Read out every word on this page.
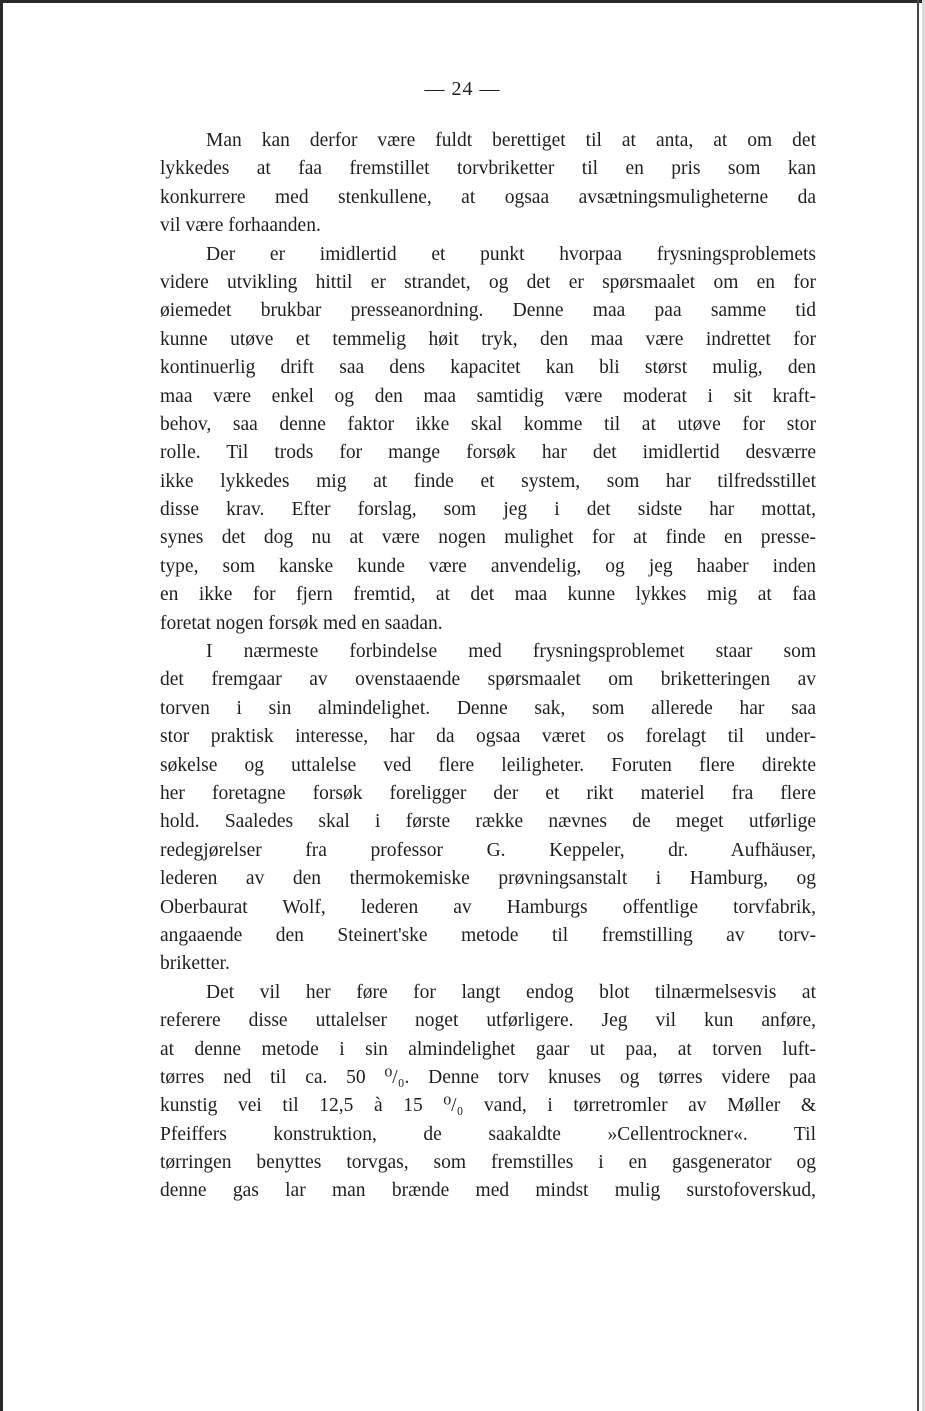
— 24 —
Man kan derfor være fuldt berettiget til at anta, at om det
lykkedes at faa fremstillet torvbriketter til en pris som kan
konkurrere med stenkullene, at ogsaa avsætningsmuligheterne da
vil være forhaanden.
Der er imidlertid et punkt hvorpaa frysningsproblemets
videre utvikling hittil er strandet, og det er spørsmaalet om en for
øiemedet brukbar presseanordning. Denne maa paa samme tid
kunne utøve et temmelig høit tryk, den maa være indrettet for
kontinuerlig drift saa dens kapacitet kan bli størst mulig, den
maa være enkel og den maa samtidig være moderat i sit kraft-
behov, saa denne faktor ikke skal komme til at utøve for stor
rolle. Til trods for mange forsøk har det imidlertid desværre
ikke lykkedes mig at finde et system, som har tilfredsstillet
disse krav. Efter forslag, som jeg i det sidste har mottat,
synes det dog nu at være nogen mulighet for at finde en presse-
type, som kanske kunde være anvendelig, og jeg haaber inden
en ikke for fjern fremtid, at det maa kunne lykkes mig at faa
foretat nogen forsøk med en saadan.
I nærmeste forbindelse med frysningsproblemet staar som
det fremgaar av ovenstaaende spørsmaalet om briketteringen av
torven i sin almindelighet. Denne sak, som allerede har saa
stor praktisk interesse, har da ogsaa været os forelagt til under-
søkelse og uttalelse ved flere leiligheter. Foruten flere direkte
her foretagne forsøk foreligger der et rikt materiel fra flere
hold. Saaledes skal i første række nævnes de meget utførlige
redegjørelser fra professor G. Keppeler, dr. Aufhäuser,
lederen av den thermokemiske prøvningsanstalt i Hamburg, og
Oberbaurat Wolf, lederen av Hamburgs offentlige torvfabrik,
angaaende den Steinert'ske metode til fremstilling av torv-
briketter.
Det vil her føre for langt endog blot tilnærmelsesvis at
referere disse uttalelser noget utførligere. Jeg vil kun anføre,
at denne metode i sin almindelighet gaar ut paa, at torven luft-
tørres ned til ca. 50 ⁰/₀. Denne torv knuses og tørres videre paa
kunstig vei til 12,5 à 15 ⁰/₀ vand, i tørretromler av Møller &
Pfeiffers konstruktion, de saakaldte »Cellentrockner«. Til
tørringen benyttes torvgas, som fremstilles i en gasgenerator og
denne gas lar man brænde med mindst mulig surstofoverskud,
